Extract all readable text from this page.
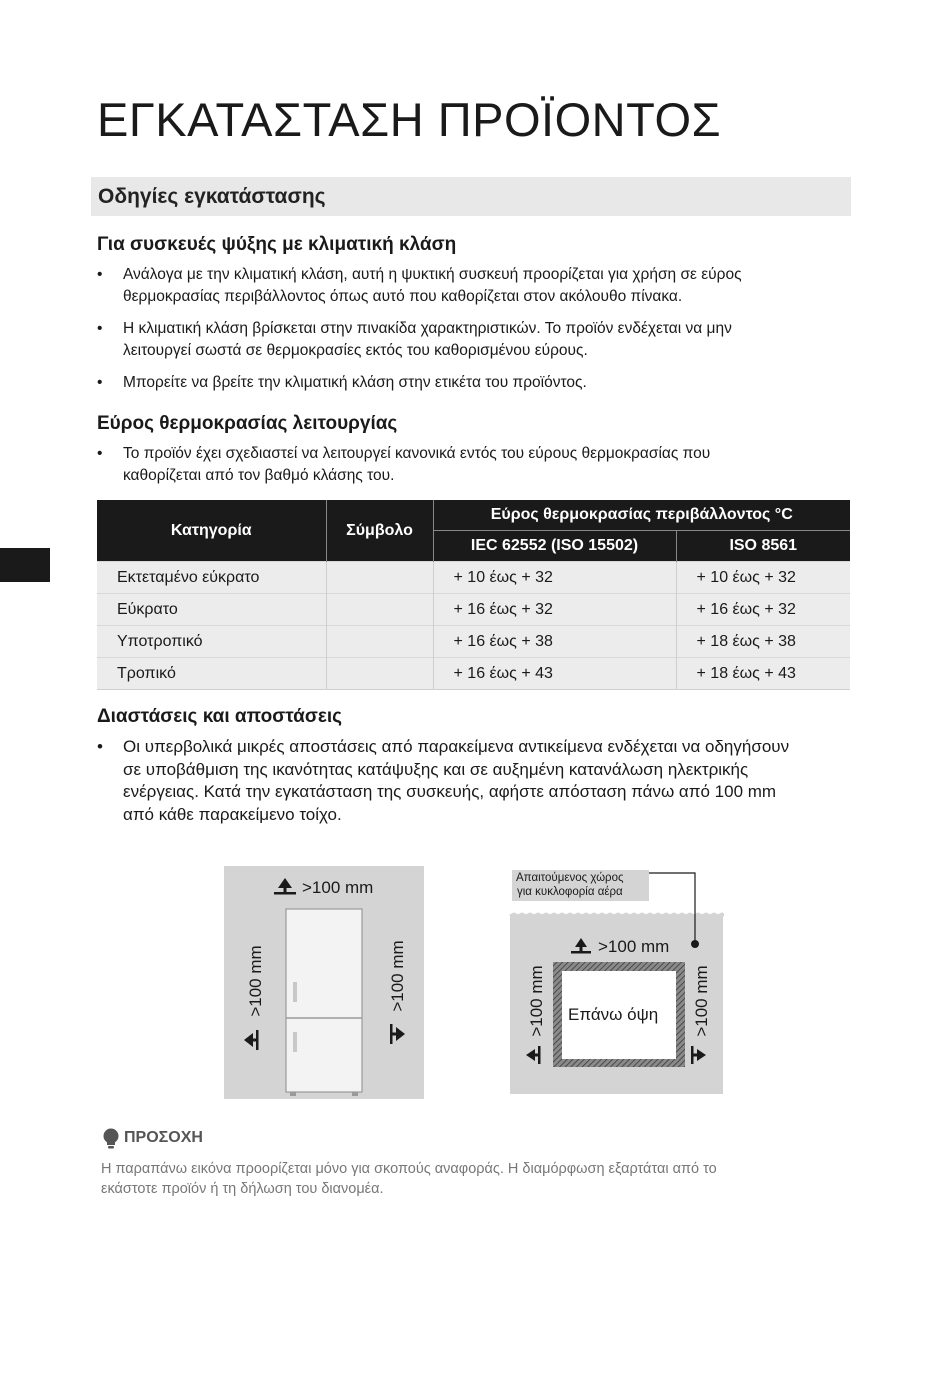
ΕΓΚΑΤΑΣΤΑΣΗ ΠΡΟΪΟΝΤΟΣ
Οδηγίες εγκατάστασης
Για συσκευές ψύξης με κλιματική κλάση
• Ανάλογα με την κλιματική κλάση, αυτή η ψυκτική συσκευή προορίζεται για χρήση σε εύρος
θερμοκρασίας περιβάλλοντος όπως αυτό που καθορίζεται στον ακόλουθο πίνακα.
• Η κλιματική κλάση βρίσκεται στην πινακίδα χαρακτηριστικών. Το προϊόν ενδέχεται να μην
λειτουργεί σωστά σε θερμοκρασίες εκτός του καθορισμένου εύρους.
• Μπορείτε να βρείτε την κλιματική κλάση στην ετικέτα του προϊόντος.
Εύρος θερμοκρασίας λειτουργίας
• Το προϊόν έχει σχεδιαστεί να λειτουργεί κανονικά εντός του εύρους θερμοκρασίας που
καθορίζεται από τον βαθμό κλάσης του.
Κατηγορία	Σύμβολο	Εύρος θερμοκρασίας περιβάλλοντος °C	
		IEC 62552 (ISO 15502)	ISO 8561
Εκτεταμένο εύκρατο		+ 10 έως + 32	+ 10 έως + 32
Εύκρατο		+ 16 έως + 32	+ 16 έως + 32
Υποτροπικό		+ 16 έως + 38	+ 18 έως + 38
Τροπικό		+ 16 έως + 43	+ 18 έως + 43
Διαστάσεις και αποστάσεις
• Οι υπερβολικά μικρές αποστάσεις από παρακείμενα αντικείμενα ενδέχεται να οδηγήσουν
σε υποβάθμιση της ικανότητας κατάψυξης και σε αυξημένη κατανάλωση ηλεκτρικής
ενέργειας. Κατά την εγκατάσταση της συσκευής, αφήστε απόσταση πάνω από 100 mm
από κάθε παρακείμενο τοίχο.
>100 mm
>100 mm	>100 mm
Απαιτούμενος χώρος
για κυκλοφορία αέρα
>100 mm
>100 mm	>100 mm
Επάνω όψη
ΠΡΟΣΟΧΗ
Η παραπάνω εικόνα προορίζεται μόνο για σκοπούς αναφοράς. Η διαμόρφωση εξαρτάται από το
εκάστοτε προϊόν ή τη δήλωση του διανομέα.
